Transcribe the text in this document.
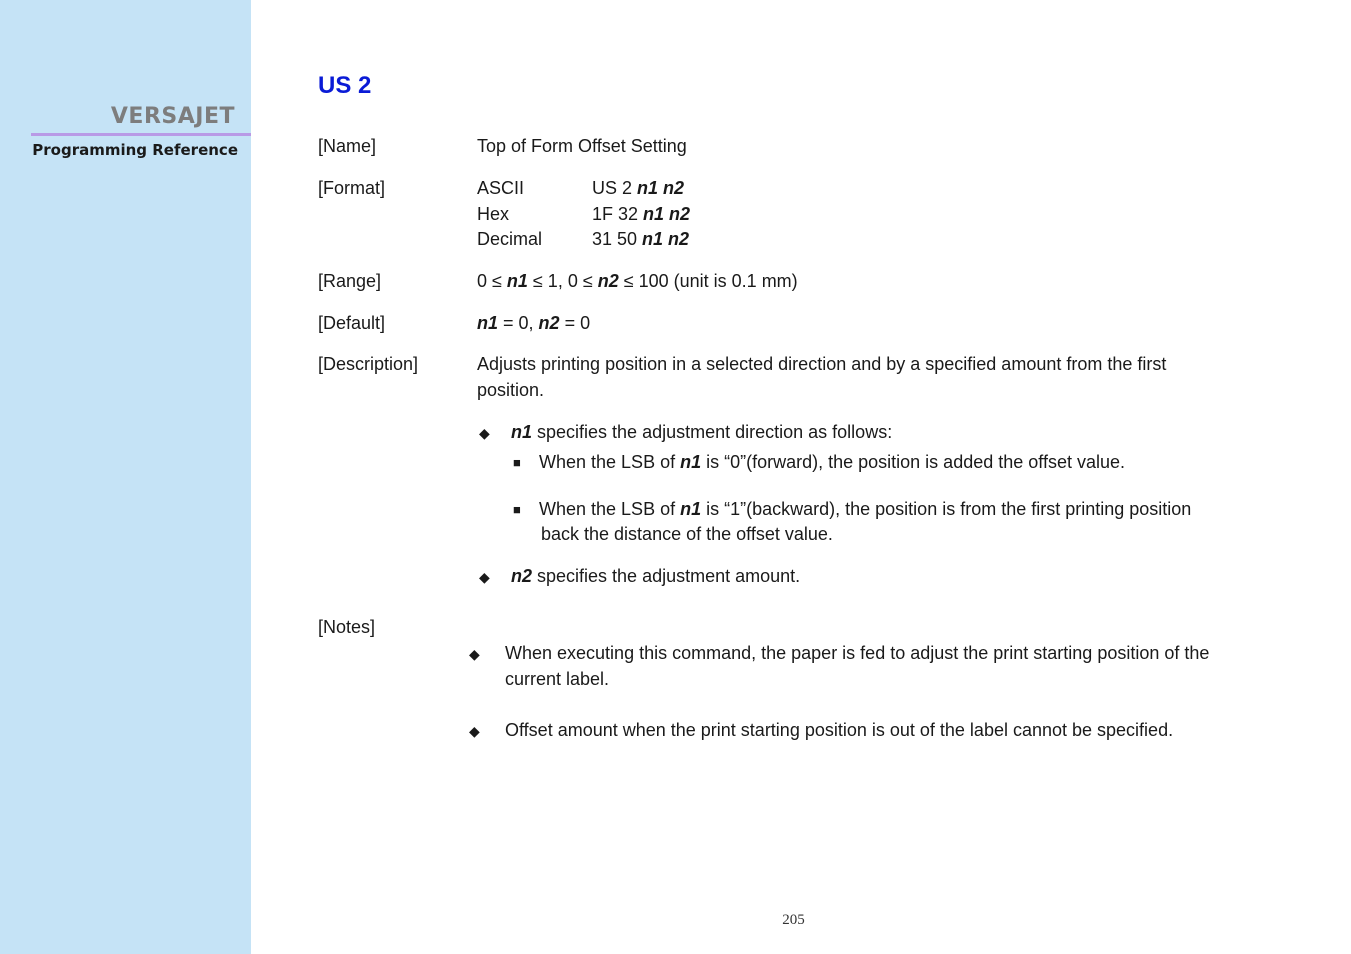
VERSAJET
Programming Reference
US 2
[Name]	Top of Form Offset Setting
[Format]	ASCII	US 2 n1 n2
Hex	1F 32 n1 n2
Decimal	31 50 n1 n2
[Range]	0 ≤ n1 ≤ 1, 0 ≤ n2 ≤ 100 (unit is 0.1 mm)
[Default]	n1 = 0, n2 = 0
[Description]	Adjusts printing position in a selected direction and by a specified amount from the first position.
◆ n1 specifies the adjustment direction as follows:
■ When the LSB of n1 is “0”(forward), the position is added the offset value.
■ When the LSB of n1 is “1”(backward), the position is from the first printing position
back the distance of the offset value.
◆ n2 specifies the adjustment amount.
[Notes]
◆ When executing this command, the paper is fed to adjust the print starting position of the
current label.
◆ Offset amount when the print starting position is out of the label cannot be specified.
205
